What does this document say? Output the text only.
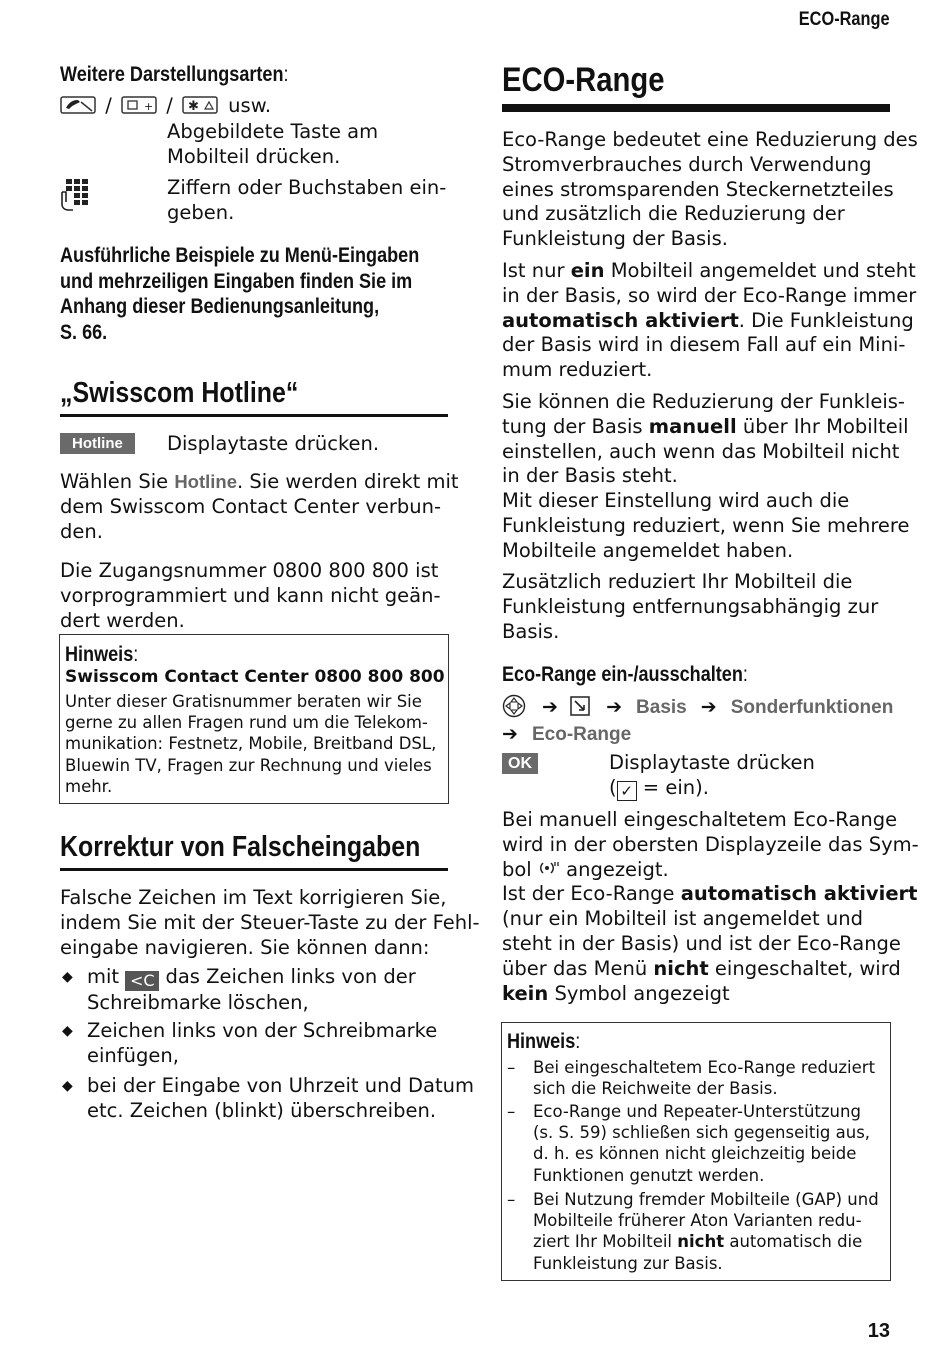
ECO-Range
13
Weitere Darstellungsarten:
/	+ / ✱ usw.
Abgebildete Taste am
Mobilteil drücken.
Ziffern oder Buchstaben ein-
geben.
Ausführliche Beispiele zu Menü-Eingaben
und mehrzeiligen Eingaben finden Sie im
Anhang dieser Bedienungsanleitung,
S. 66.
„Swisscom Hotline“
Hotline	Displaytaste drücken.
Wählen Sie Hotline. Sie werden direkt mit
dem Swisscom Contact Center verbun-
den.
Die Zugangsnummer 0800 800 800 ist
vorprogrammiert und kann nicht geän-
dert werden.
Hinweis:
Swisscom Contact Center 0800 800 800
Unter dieser Gratisnummer beraten wir Sie
gerne zu allen Fragen rund um die Telekom-
munikation: Festnetz, Mobile, Breitband DSL,
Bluewin TV, Fragen zur Rechnung und vieles
mehr.
Korrektur von Falscheingaben
Falsche Zeichen im Text korrigieren Sie,
indem Sie mit der Steuer-Taste zu der Fehl-
eingabe navigieren. Sie können dann:
◆ mit <C das Zeichen links von der
Schreibmarke löschen,
◆ Zeichen links von der Schreibmarke
einfügen,
◆ bei der Eingabe von Uhrzeit und Datum
etc. Zeichen (blinkt) überschreiben.
ECO-Range
Eco-Range bedeutet eine Reduzierung des
Stromverbrauches durch Verwendung
eines stromsparenden Steckernetzteiles
und zusätzlich die Reduzierung der
Funkleistung der Basis.
Ist nur ein Mobilteil angemeldet und steht
in der Basis, so wird der Eco-Range immer
automatisch aktiviert. Die Funkleistung
der Basis wird in diesem Fall auf ein Mini-
mum reduziert.
Sie können die Reduzierung der Funkleis-
tung der Basis manuell über Ihr Mobilteil
einstellen, auch wenn das Mobilteil nicht
in der Basis steht.
Mit dieser Einstellung wird auch die
Funkleistung reduziert, wenn Sie mehrere
Mobilteile angemeldet haben.
Zusätzlich reduziert Ihr Mobilteil die
Funkleistung entfernungsabhängig zur
Basis.
Eco-Range ein-/ausschalten:
➔	➔ Basis ➔ Sonderfunktionen
➔ Eco-Range
OK	Displaytaste drücken
( ✓ = ein).
Bei manuell eingeschaltetem Eco-Range
wird in der obersten Displayzeile das Sym-
bol  angezeigt.
Ist der Eco-Range automatisch aktiviert
(nur ein Mobilteil ist angemeldet und
steht in der Basis) und ist der Eco-Range
über das Menü nicht eingeschaltet, wird
kein Symbol angezeigt
Hinweis:
– Bei eingeschaltetem Eco-Range reduziert
sich die Reichweite der Basis.
– Eco-Range und Repeater-Unterstützung
(s. S. 59) schließen sich gegenseitig aus,
d. h. es können nicht gleichzeitig beide
Funktionen genutzt werden.
– Bei Nutzung fremder Mobilteile (GAP) und
Mobilteile früherer Aton Varianten redu-
ziert Ihr Mobilteil nicht automatisch die
Funkleistung zur Basis.
